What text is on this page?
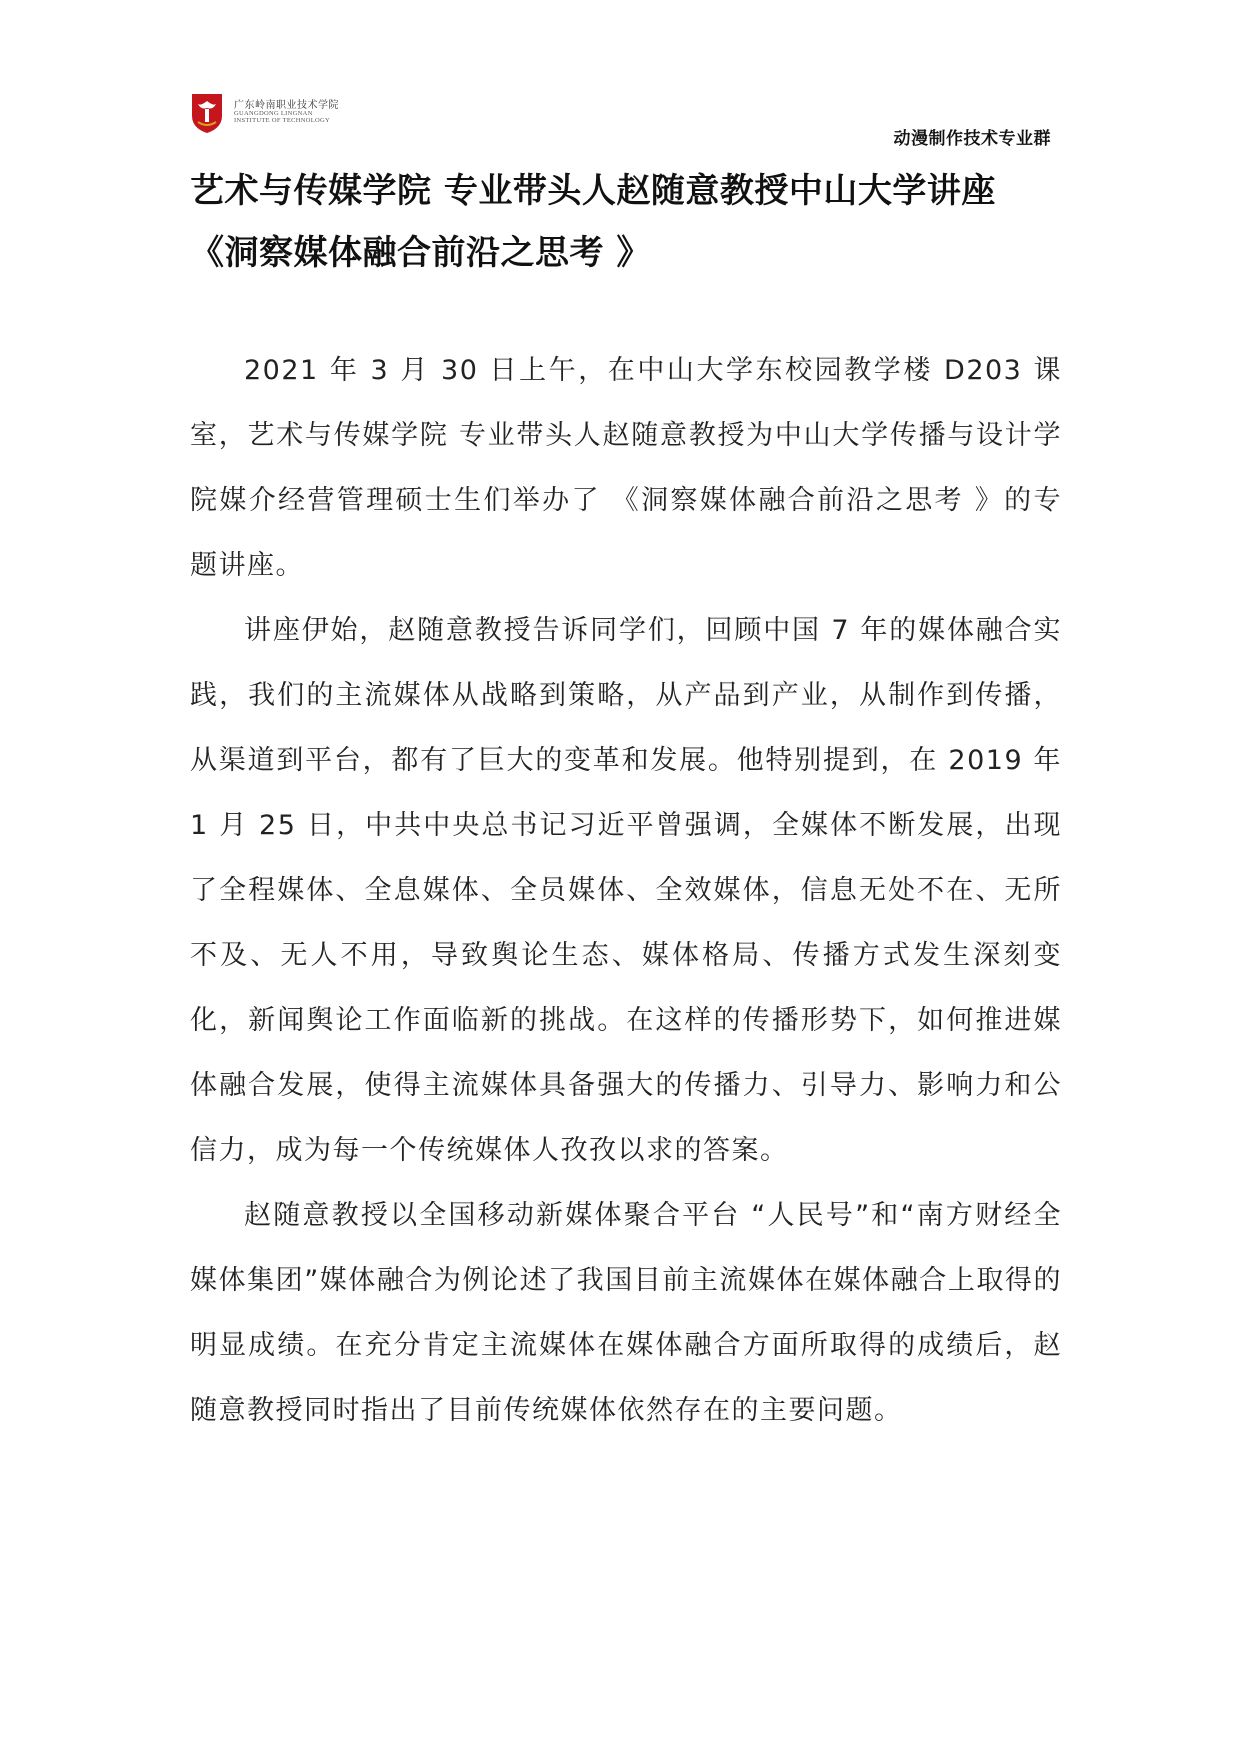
广东岭南职业技术学院
GUANGDONG LINGNAN
INSTITUTE OF TECHNOLOGY
动漫制作技术专业群
艺术与传媒学院 专业带头人赵随意教授中山大学讲座
《洞察媒体融合前沿之思考 》

2021 年 3 月 30 日上午，在中山大学东校园教学楼 D203 课室，艺术与传媒学院 专业带头人赵随意教授为中山大学传播与设计学院媒介经营管理硕士生们举办了 《洞察媒体融合前沿之思考 》的专题讲座。

讲座伊始，赵随意教授告诉同学们，回顾中国 7 年的媒体融合实践，我们的主流媒体从战略到策略，从产品到产业，从制作到传播，从渠道到平台，都有了巨大的变革和发展。他特别提到，在 2019 年 1 月 25 日，中共中央总书记习近平曾强调，全媒体不断发展，出现了全程媒体、全息媒体、全员媒体、全效媒体，信息无处不在、无所不及、无人不用，导致舆论生态、媒体格局、传播方式发生深刻变化，新闻舆论工作面临新的挑战。在这样的传播形势下，如何推进媒体融合发展，使得主流媒体具备强大的传播力、引导力、影响力和公信力，成为每一个传统媒体人孜孜以求的答案。

赵随意教授以全国移动新媒体聚合平台 “人民号”和“南方财经全媒体集团”媒体融合为例论述了我国目前主流媒体在媒体融合上取得的明显成绩。在充分肯定主流媒体在媒体融合方面所取得的成绩后，赵随意教授同时指出了目前传统媒体依然存在的主要问题。
